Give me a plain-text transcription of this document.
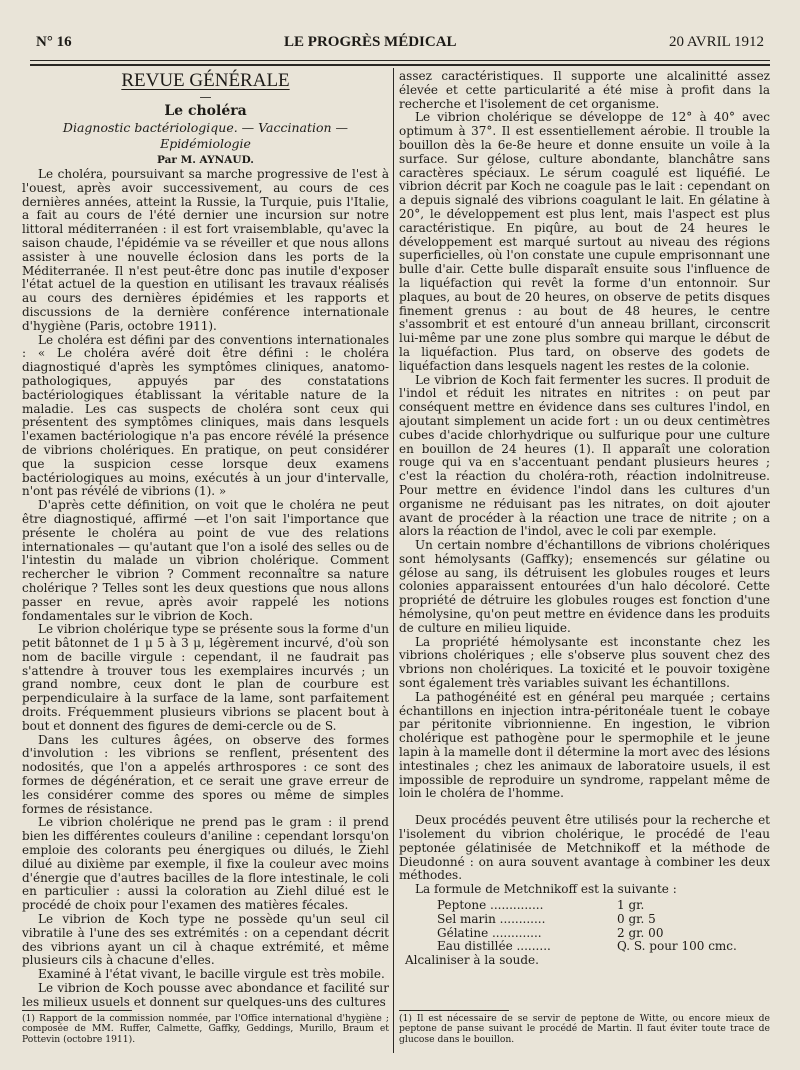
N° 16	LE PROGRÈS MÉDICAL	20 AVRIL 1912

REVUE GÉNÉRALE

—

Le choléra

Diagnostic bactériologique. — Vaccination — Epidémiologie

Par M. AYNAUD.

Le choléra, poursuivant sa marche progressive de l'est à l'ouest, après avoir successivement, au cours de ces dernières années, atteint la Russie, la Turquie, puis l'Italie, a fait au cours de l'été dernier une incursion sur notre littoral méditerranéen : il est fort vraisemblable, qu'avec la saison chaude, l'épidémie va se réveiller et que nous allons assister à une nouvelle éclosion dans les ports de la Méditerranée. Il n'est peut-être donc pas inutile d'exposer l'état actuel de la question en utilisant les travaux réalisés au cours des dernières épidémies et les rapports et discussions de la dernière conférence internationale d'hygiène (Paris, octobre 1911).

Le choléra est défini par des conventions internationales : « Le choléra avéré doit être défini : le choléra diagnostiqué d'après les symptômes cliniques, anatomo-pathologiques, appuyés par des constatations bactériologiques établissant la véritable nature de la maladie. Les cas suspects de choléra sont ceux qui présentent des symptômes cliniques, mais dans lesquels l'examen bactériologique n'a pas encore révélé la présence de vibrions cholériques. En pratique, on peut considérer que la suspicion cesse lorsque deux examens bactériologiques au moins, exécutés à un jour d'intervalle, n'ont pas révélé de vibrions (1). »

D'après cette définition, on voit que le choléra ne peut être diagnostiqué, affirmé —et l'on sait l'importance que présente le choléra au point de vue des relations internationales — qu'autant que l'on a isolé des selles ou de l'intestin du malade un vibrion cholérique. Comment rechercher le vibrion ? Comment reconnaître sa nature cholérique ? Telles sont les deux questions que nous allons passer en revue, après avoir rappelé les notions fondamentales sur le vibrion de Koch.

Le vibrion cholérique type se présente sous la forme d'un petit bâtonnet de 1 μ 5 à 3 μ, légèrement incurvé, d'où son nom de bacille virgule : cependant, il ne faudrait pas s'attendre à trouver tous les exemplaires incurvés ; un grand nombre, ceux dont le plan de courbure est perpendiculaire à la surface de la lame, sont parfaitement droits. Fréquemment plusieurs vibrions se placent bout à bout et donnent des figures de demi-cercle ou de S.

Dans les cultures âgées, on observe des formes d'involution : les vibrions se renflent, présentent des nodosités, que l'on a appelés arthrospores : ce sont des formes de dégénération, et ce serait une grave erreur de les considérer comme des spores ou même de simples formes de résistance.

Le vibrion cholérique ne prend pas le gram : il prend bien les différentes couleurs d'aniline : cependant lorsqu'on emploie des colorants peu énergiques ou dilués, le Ziehl dilué au dixième par exemple, il fixe la couleur avec moins d'énergie que d'autres bacilles de la flore intestinale, le coli en particulier : aussi la coloration au Ziehl dilué est le procédé de choix pour l'examen des matières fécales.

Le vibrion de Koch type ne possède qu'un seul cil vibratile à l'une des ses extrémités : on a cependant décrit des vibrions ayant un cil à chaque extrémité, et même plusieurs cils à chacune d'elles.

Examiné à l'état vivant, le bacille virgule est très mobile.

Le vibrion de Koch pousse avec abondance et facilité sur les milieux usuels et donnent sur quelques-uns des cultures

assez caractéristiques. Il supporte une alcalinitté assez élevée et cette particularité a été mise à profit dans la recherche et l'isolement de cet organisme.

Le vibrion cholérique se développe de 12° à 40° avec optimum à 37°. Il est essentiellement aérobie. Il trouble la bouillon dès la 6e-8e heure et donne ensuite un voile à la surface. Sur gélose, culture abondante, blanchâtre sans caractères spéciaux. Le sérum coagulé est liquéfié. Le vibrion décrit par Koch ne coagule pas le lait : cependant on a depuis signalé des vibrions coagulant le lait. En gélatine à 20°, le développement est plus lent, mais l'aspect est plus caractéristique. En piqûre, au bout de 24 heures le développement est marqué surtout au niveau des régions superficielles, où l'on constate une cupule emprisonnant une bulle d'air. Cette bulle disparaît ensuite sous l'influence de la liquéfaction qui revêt la forme d'un entonnoir. Sur plaques, au bout de 20 heures, on observe de petits disques finement grenus : au bout de 48 heures, le centre s'assombrit et est entouré d'un anneau brillant, circonscrit lui-même par une zone plus sombre qui marque le début de la liquéfaction. Plus tard, on observe des godets de liquéfaction dans lesquels nagent les restes de la colonie.

Le vibrion de Koch fait fermenter les sucres. Il produit de l'indol et réduit les nitrates en nitrites : on peut par conséquent mettre en évidence dans ses cultures l'indol, en ajoutant simplement un acide fort : un ou deux centimètres cubes d'acide chlorhydrique ou sulfurique pour une culture en bouillon de 24 heures (1). Il apparaît une coloration rouge qui va en s'accentuant pendant plusieurs heures ; c'est la réaction du choléra-roth, réaction indolnitreuse. Pour mettre en évidence l'indol dans les cultures d'un organisme ne réduisant pas les nitrates, on doit ajouter avant de procéder à la réaction une trace de nitrite ; on a alors la réaction de l'indol, avec le coli par exemple.

Un certain nombre d'échantillons de vibrions cholériques sont hémolysants (Gaffky); ensemencés sur gélatine ou gélose au sang, ils détruisent les globules rouges et leurs colonies apparaissent entourées d'un halo décoloré. Cette propriété de détruire les globules rouges est fonction d'une hémolysine, qu'on peut mettre en évidence dans les produits de culture en milieu liquide.

La propriété hémolysante est inconstante chez les vibrions cholériques ; elle s'observe plus souvent chez des vbrions non cholériques. La toxicité et le pouvoir toxigène sont également très variables suivant les échantillons.

La pathogénéité est en général peu marquée ; certains échantillons en injection intra-péritonéale tuent le cobaye par péritonite vibrionnienne. En ingestion, le vibrion cholérique est pathogène pour le spermophile et le jeune lapin à la mamelle dont il détermine la mort avec des lésions intestinales ; chez les animaux de laboratoire usuels, il est impossible de reproduire un syndrome, rappelant même de loin le choléra de l'homme.

Deux procédés peuvent être utilisés pour la recherche et l'isolement du vibrion cholérique, le procédé de l'eau peptonée gélatinisée de Metchnikoff et la méthode de Dieudonné : on aura souvent avantage à combiner les deux méthodes.

La formule de Metchnikoff est la suivante :

Peptone ..............	1 gr.
Sel marin ............	0 gr. 5
Gélatine .............	2 gr. 00
Eau distillée .........	Q. S. pour 100 cmc.

Alcaliniser à la soude.

(1) Rapport de la commission nommée, par l'Office international d'hygiène ; composée de MM. Ruffer, Calmette, Gaffky, Geddings, Murillo, Braum et Pottevin (octobre 1911).

(1) Il est nécessaire de se servir de peptone de Witte, ou encore mieux de peptone de panse suivant le procédé de Martin. Il faut éviter toute trace de glucose dans le bouillon.
